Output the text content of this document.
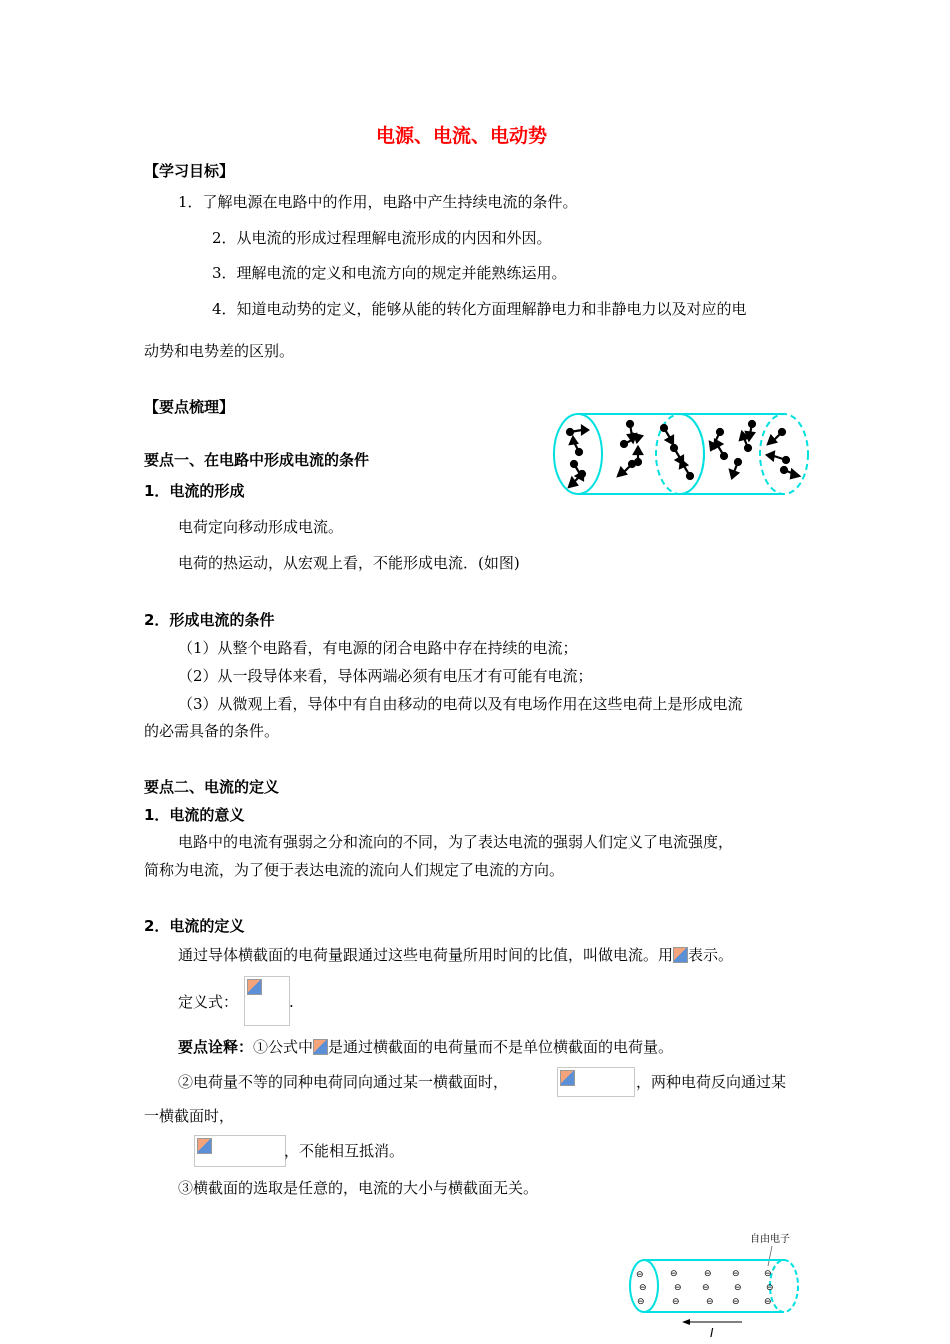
电源、电流、电动势
【学习目标】
1．了解电源在电路中的作用，电路中产生持续电流的条件。
2．从电流的形成过程理解电流形成的内因和外因。
3．理解电流的定义和电流方向的规定并能熟练运用。
4．知道电动势的定义，能够从能的转化方面理解静电力和非静电力以及对应的电
动势和电势差的区别。
【要点梳理】
要点一、在电路中形成电流的条件
1．电流的形成
电荷定向移动形成电流。
电荷的热运动，从宏观上看，不能形成电流．(如图)
2．形成电流的条件
（1）从整个电路看，有电源的闭合电路中存在持续的电流；
（2）从一段导体来看，导体两端必须有电压才有可能有电流；
（3）从微观上看，导体中有自由移动的电荷以及有电场作用在这些电荷上是形成电流
的必需具备的条件。
要点二、电流的定义
1．电流的意义
电路中的电流有强弱之分和流向的不同，为了表达电流的强弱人们定义了电流强度，
简称为电流，为了便于表达电流的流向人们规定了电流的方向。
2．电流的定义
通过导体横截面的电荷量跟通过这些电荷量所用时间的比值，叫做电流。用 表示。
定义式：	.
要点诠释：①公式中 是通过横截面的电荷量而不是单位横截面的电荷量。
②电荷量不等的同种电荷同向通过某一横截面时，	，两种电荷反向通过某
一横截面时，
，不能相互抵消。
③横截面的选取是任意的，电流的大小与横截面无关。
自由电子
⊖
⊖
⊖
⊖
⊖
⊖
⊖
⊖
⊖
⊖
⊖
⊖
⊖
⊖
⊖
I
